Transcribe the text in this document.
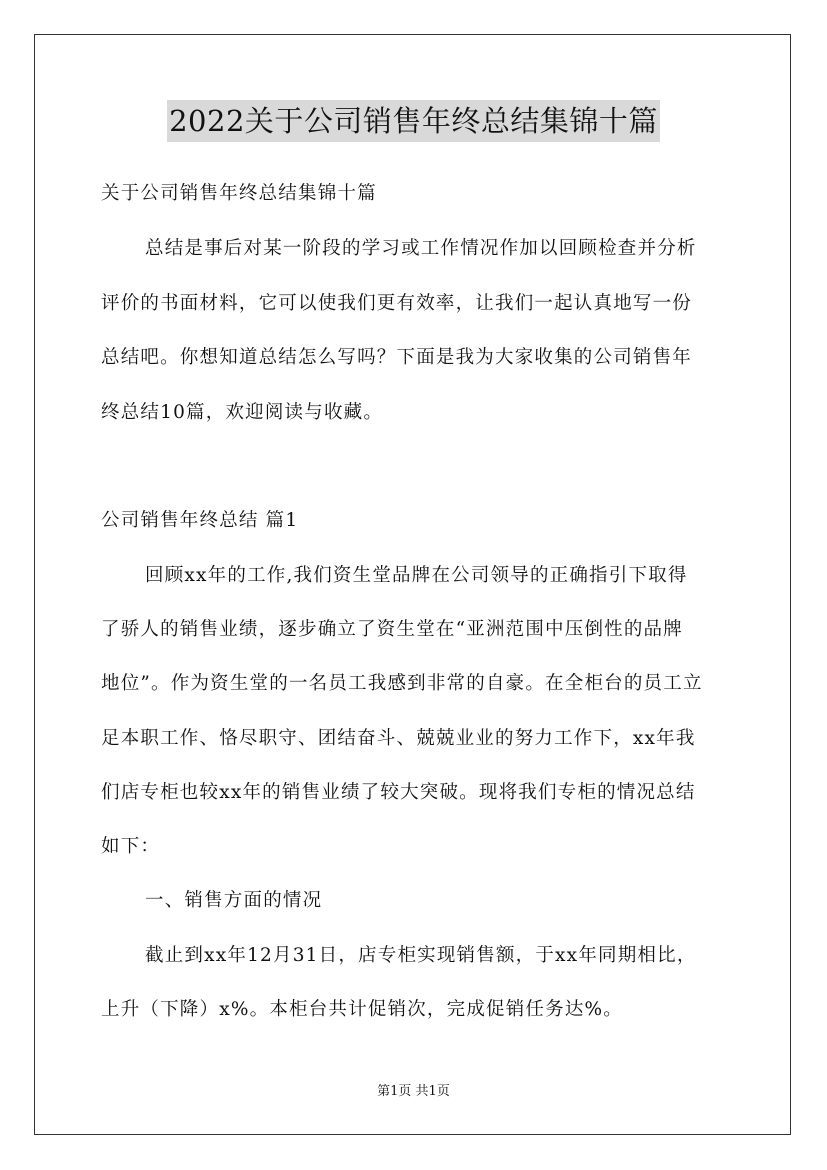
2022关于公司销售年终总结集锦十篇
关于公司销售年终总结集锦十篇
总结是事后对某一阶段的学习或工作情况作加以回顾检查并分析
评价的书面材料，它可以使我们更有效率，让我们一起认真地写一份
总结吧。你想知道总结怎么写吗？下面是我为大家收集的公司销售年
终总结10篇，欢迎阅读与收藏。
公司销售年终总结 篇1
回顾xx年的工作,我们资生堂品牌在公司领导的正确指引下取得
了骄人的销售业绩，逐步确立了资生堂在“亚洲范围中压倒性的品牌
地位”。作为资生堂的一名员工我感到非常的自豪。在全柜台的员工立
足本职工作、恪尽职守、团结奋斗、兢兢业业的努力工作下，xx年我
们店专柜也较xx年的销售业绩了较大突破。现将我们专柜的情况总结
如下：
一、销售方面的情况
截止到xx年12月31日，店专柜实现销售额，于xx年同期相比，
上升（下降）x%。本柜台共计促销次，完成促销任务达%。
第1页 共1页
